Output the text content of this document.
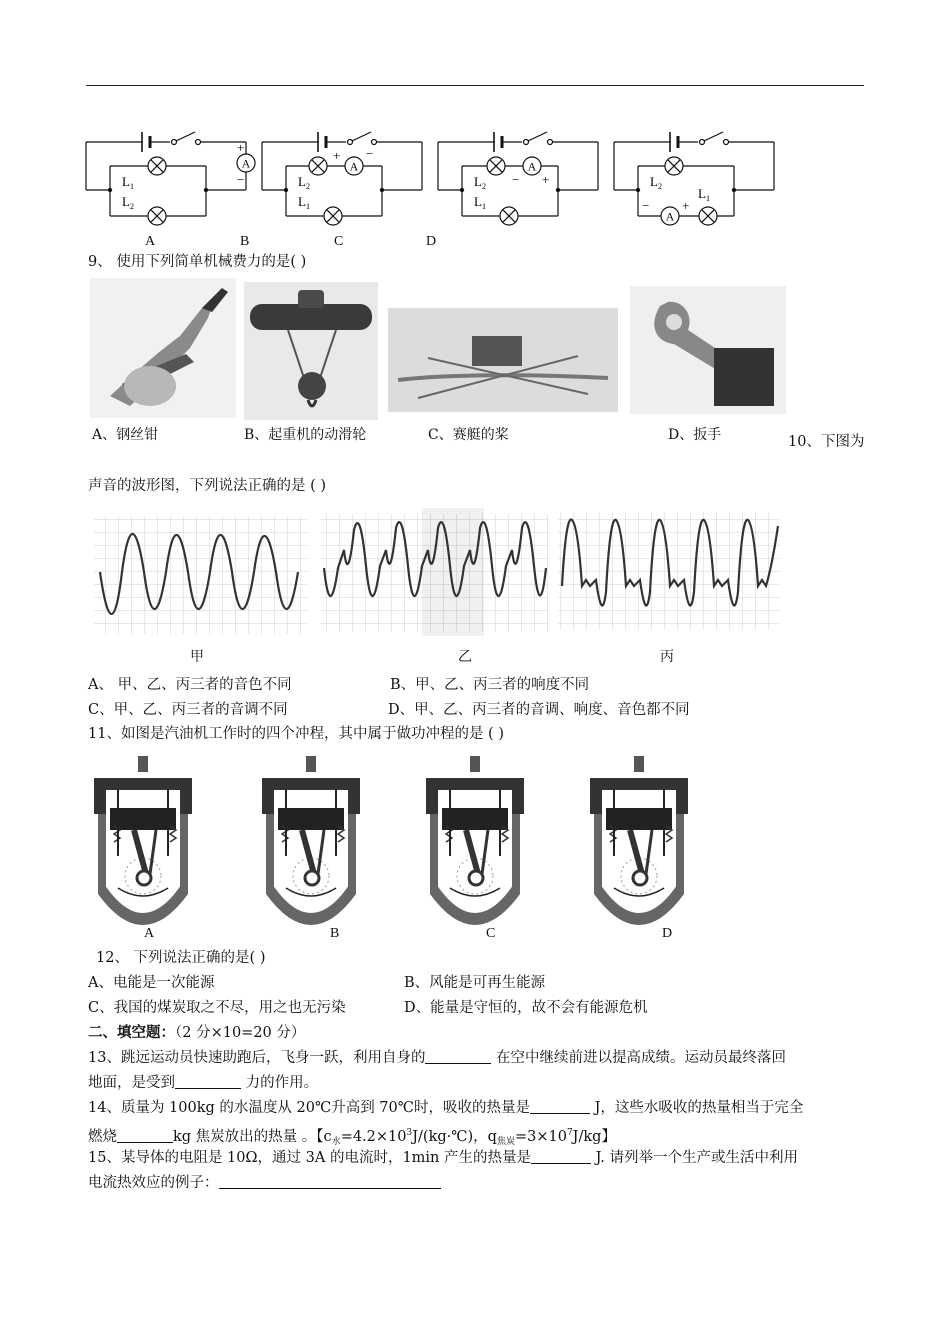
A
+
−
$L_1$
$L_2$
+ −
$L_2$
$L_1$
− +
$L_2$
$L_1$	−	+
$L_2$	$L_1$
A	B	C	D
9、 使用下列简单机械费力的是( )
A、钢丝钳	B、起重机的动滑轮	C、赛艇的桨	D、扳手	10、下图为
声音的波形图，下列说法正确的是 ( )
甲	乙	丙
A、 甲、乙、丙三者的音色不同	B、甲、乙、丙三者的响度不同
C、甲、乙、丙三者的音调不同	D、甲、乙、丙三者的音调、响度、音色都不同
11、如图是汽油机工作时的四个冲程，其中属于做功冲程的是 ( )
A	B	C	D
12、 下列说法正确的是( )
A、电能是一次能源	B、风能是可再生能源
C、我国的煤炭取之不尽，用之也无污染	D、能量是守恒的，故不会有能源危机
二、填空题：（2 分×10=20 分）
13、跳远运动员快速助跑后，飞身一跃，利用自身的	在空中继续前进以提高成绩。运动员最终落回
地面，是受到	力的作用。
14、质量为 100kg 的水温度从 20℃升高到 70℃时，吸收的热量是	J，这些水吸收的热量相当于完全
燃烧	kg 焦炭放出的热量 。【$c_水=4.2\times 10^3J/(kg\cdot℃)$，$q_{焦炭}=3\times 10^7J/kg$】
15、某导体的电阻是 10Ω，通过 3A 的电流时，1min 产生的热量是	J. 请列举一个生产或生活中利用
电流热效应的例子：
